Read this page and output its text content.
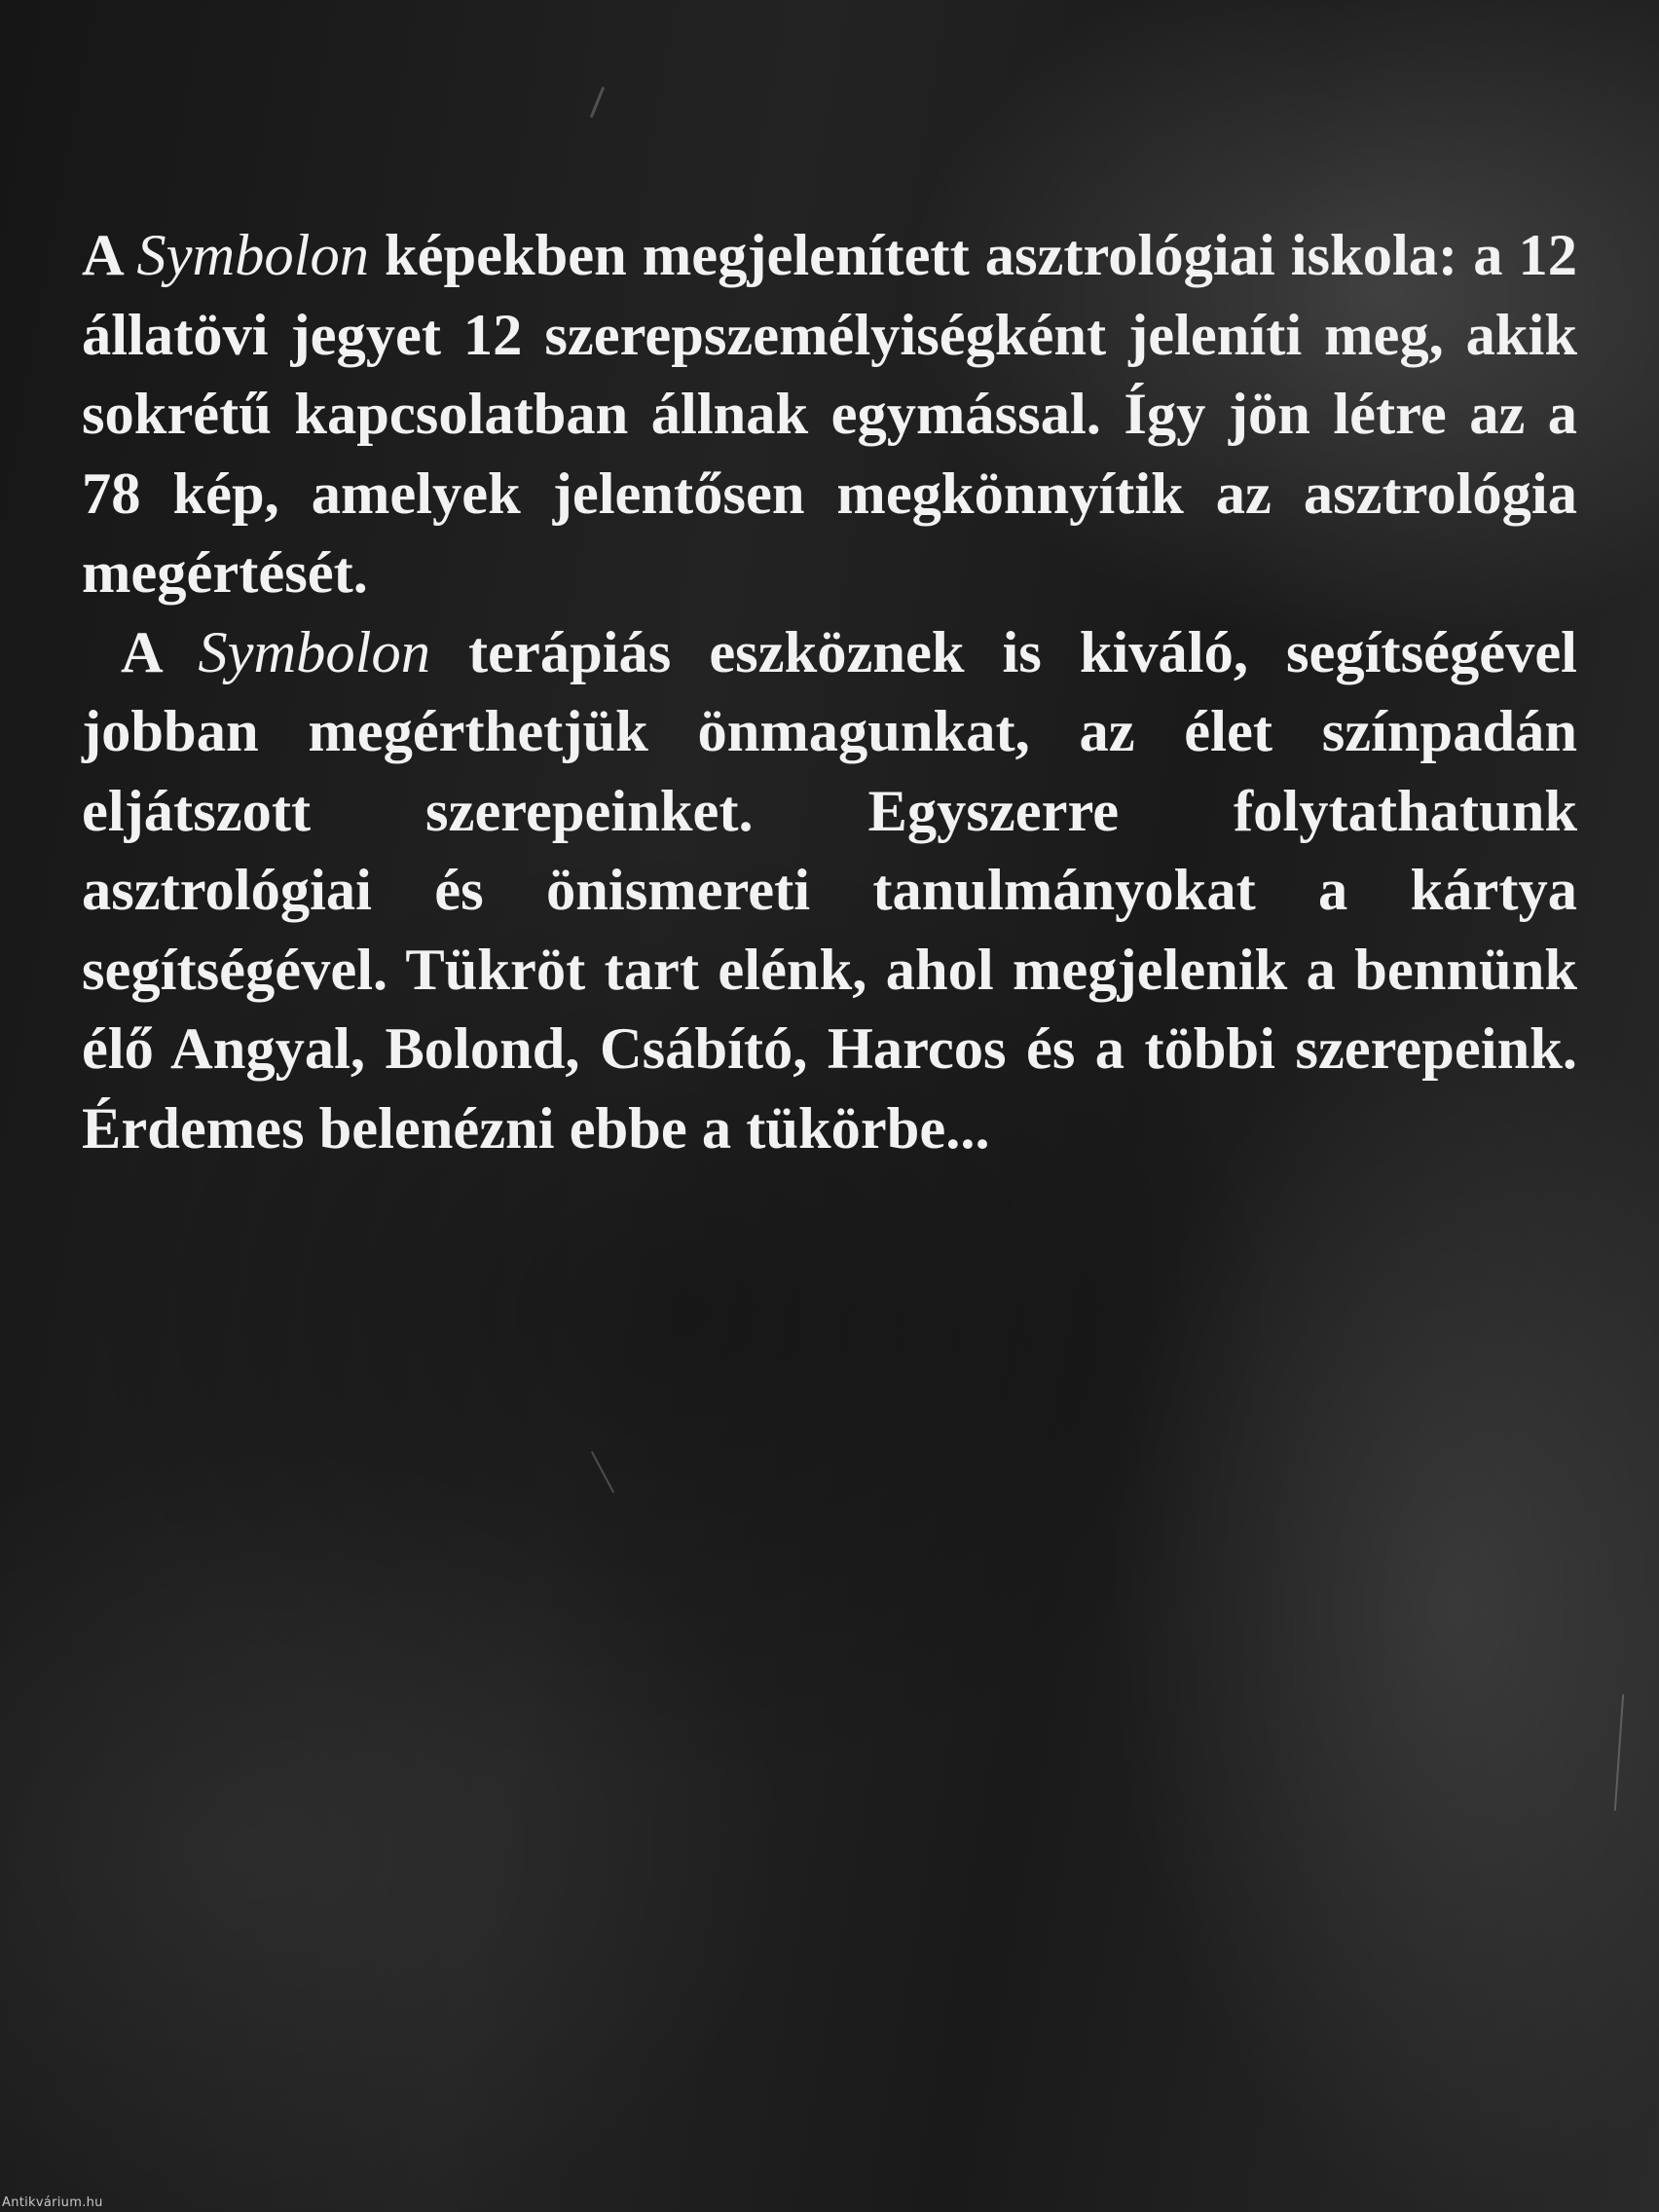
A Symbolon képekben megjelenített asztrológiai iskola: a 12 állatövi jegyet 12 szerepszemélyiségként jeleníti meg, akik sokrétű kapcsolatban állnak egymással. Így jön létre az a 78 kép, amelyek jelentősen megkönnyítik az asztrológia megértését.

A Symbolon terápiás eszköznek is kiváló, segítségével jobban megérthetjük önmagunkat, az élet színpadán eljátszott szerepeinket. Egyszerre folytathatunk asztrológiai és önismereti tanulmányokat a kártya segítségével. Tükröt tart elénk, ahol megjelenik a bennünk élő Angyal, Bolond, Csábító, Harcos és a többi szerepeink. Érdemes belenézni ebbe a tükörbe...

Antikvárium.hu
